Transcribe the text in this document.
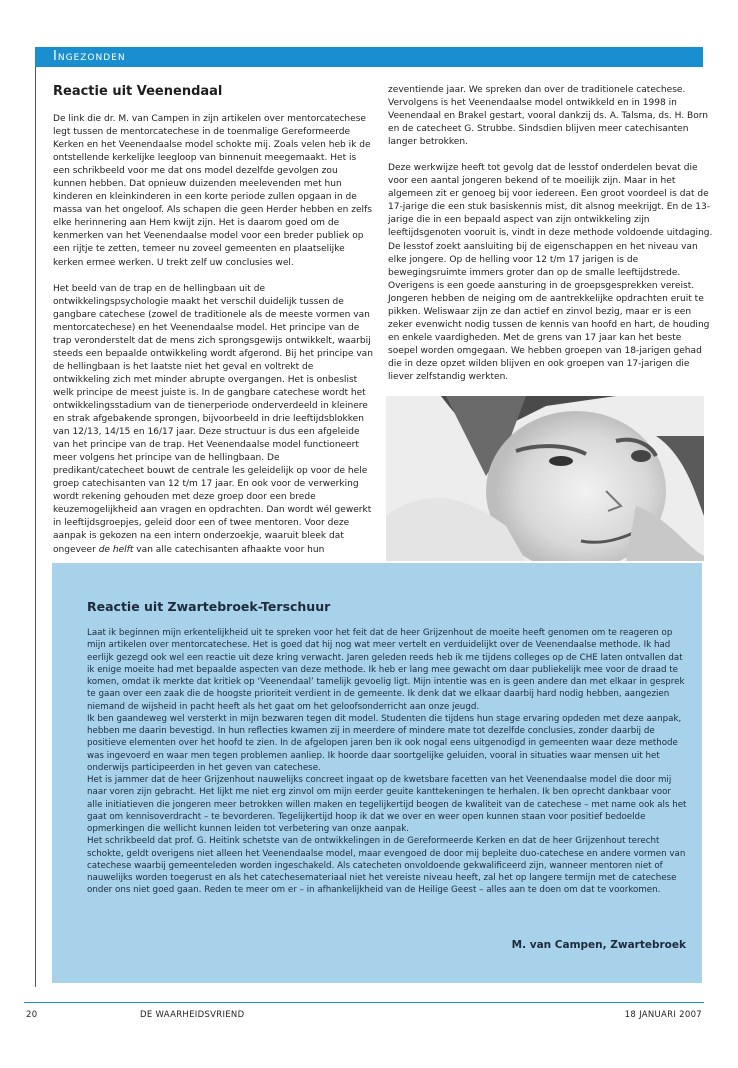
Ingezonden
Reactie uit Veenendaal

De link die dr. M. van Campen in zijn artikelen over mentorcatechese legt tussen de mentorcatechese in de toenmalige Gereformeerde Kerken en het Veenendaalse model schokte mij. Zoals velen heb ik de ontstellende kerkelijke leegloop van binnenuit meegemaakt. Het is een schrikbeeld voor me dat ons model dezelfde gevolgen zou kunnen hebben. Dat opnieuw duizenden meelevenden met hun kinderen en kleinkinderen in een korte periode zullen opgaan in de massa van het ongeloof. Als schapen die geen Herder hebben en zelfs elke herinnering aan Hem kwijt zijn. Het is daarom goed om de kenmerken van het Veenendaalse model voor een breder publiek op een rijtje te zetten, temeer nu zoveel gemeenten en plaatselijke kerken ermee werken. U trekt zelf uw conclusies wel.

Het beeld van de trap en de hellingbaan uit de ontwikkelingspsychologie maakt het verschil duidelijk tussen de gangbare catechese (zowel de traditionele als de meeste vormen van mentorcatechese) en het Veenendaalse model. Het principe van de trap veronderstelt dat de mens zich sprongsgewijs ontwikkelt, waarbij steeds een bepaalde ontwikkeling wordt afgerond. Bij het principe van de hellingbaan is het laatste niet het geval en voltrekt de ontwikkeling zich met minder abrupte overgangen. Het is onbeslist welk principe de meest juiste is. In de gangbare catechese wordt het ontwikkelingsstadium van de tienerperiode onderverdeeld in kleinere en strak afgebakende sprongen, bijvoorbeeld in drie leeftijdsblokken van 12/13, 14/15 en 16/17 jaar. Deze structuur is dus een afgeleide van het principe van de trap. Het Veenendaalse model functioneert meer volgens het principe van de hellingbaan. De predikant/catecheet bouwt de centrale les geleidelijk op voor de hele groep catechisanten van 12 t/m 17 jaar. En ook voor de verwerking wordt rekening gehouden met deze groep door een brede keuzemogelijkheid aan vragen en opdrachten. Dan wordt wél gewerkt in leeftijdsgroepjes, geleid door een of twee mentoren. Voor deze aanpak is gekozen na een intern onderzoekje, waaruit bleek dat ongeveer de helft van alle catechisanten afhaakte voor hun

zeventiende jaar. We spreken dan over de traditionele catechese. Vervolgens is het Veenendaalse model ontwikkeld en in 1998 in Veenendaal en Brakel gestart, vooral dankzij ds. A. Talsma, ds. H. Born en de catecheet G. Strubbe. Sindsdien blijven meer catechisanten langer betrokken.

Deze werkwijze heeft tot gevolg dat de lesstof onderdelen bevat die voor een aantal jongeren bekend of te moeilijk zijn. Maar in het algemeen zit er genoeg bij voor iedereen. Een groot voordeel is dat de 17-jarige die een stuk basiskennis mist, dit alsnog meekrijgt. En de 13-jarige die in een bepaald aspect van zijn ontwikkeling zijn leeftijdsgenoten vooruit is, vindt in deze methode voldoende uitdaging. De lesstof zoekt aansluiting bij de eigenschappen en het niveau van elke jongere. Op de helling voor 12 t/m 17 jarigen is de bewegingsruimte immers groter dan op de smalle leeftijdstrede. Overigens is een goede aansturing in de groepsgesprekken vereist. Jongeren hebben de neiging om de aantrekkelijke opdrachten eruit te pikken. Weliswaar zijn ze dan actief en zinvol bezig, maar er is een zeker evenwicht nodig tussen de kennis van hoofd en hart, de houding en enkele vaardigheden. Met de grens van 17 jaar kan het beste soepel worden omgegaan. We hebben groepen van 18-jarigen gehad die in deze opzet wilden blijven en ook groepen van 17-jarigen die liever zelfstandig werkten.

Reactie uit Zwartebroek-Terschuur

Laat ik beginnen mijn erkentelijkheid uit te spreken voor het feit dat de heer Grijzenhout de moeite heeft genomen om te reageren op mijn artikelen over mentorcatechese. Het is goed dat hij nog wat meer vertelt en verduidelijkt over de Veenendaalse methode. Ik had eerlijk gezegd ook wel een reactie uit deze kring verwacht. Jaren geleden reeds heb ik me tijdens colleges op de CHE laten ontvallen dat ik enige moeite had met bepaalde aspecten van deze methode. Ik heb er lang mee gewacht om daar publiekelijk mee voor de draad te komen, omdat ik merkte dat kritiek op ‘Veenendaal’ tamelijk gevoelig ligt. Mijn intentie was en is geen andere dan met elkaar in gesprek te gaan over een zaak die de hoogste prioriteit verdient in de gemeente. Ik denk dat we elkaar daarbij hard nodig hebben, aangezien niemand de wijsheid in pacht heeft als het gaat om het geloofsonderricht aan onze jeugd.

Ik ben gaandeweg wel versterkt in mijn bezwaren tegen dit model. Studenten die tijdens hun stage ervaring opdeden met deze aanpak, hebben me daarin bevestigd. In hun reflecties kwamen zij in meerdere of mindere mate tot dezelfde conclusies, zonder daarbij de positieve elementen over het hoofd te zien. In de afgelopen jaren ben ik ook nogal eens uitgenodigd in gemeenten waar deze methode was ingevoerd en waar men tegen problemen aanliep. Ik hoorde daar soortgelijke geluiden, vooral in situaties waar mensen uit het onderwijs participeerden in het geven van catechese.

Het is jammer dat de heer Grijzenhout nauwelijks concreet ingaat op de kwetsbare facetten van het Veenendaalse model die door mij naar voren zijn gebracht. Het lijkt me niet erg zinvol om mijn eerder geuite kanttekeningen te herhalen. Ik ben oprecht dankbaar voor alle initiatieven die jongeren meer betrokken willen maken en tegelijkertijd beogen de kwaliteit van de catechese – met name ook als het gaat om kennisoverdracht – te bevorderen. Tegelijkertijd hoop ik dat we over en weer open kunnen staan voor positief bedoelde opmerkingen die wellicht kunnen leiden tot verbetering van onze aanpak.

Het schrikbeeld dat prof. G. Heitink schetste van de ontwikkelingen in de Gereformeerde Kerken en dat de heer Grijzenhout terecht schokte, geldt overigens niet alleen het Veenendaalse model, maar evengoed de door mij bepleite duo-catechese en andere vormen van catechese waarbij gemeenteleden worden ingeschakeld. Als catecheten onvoldoende gekwalificeerd zijn, wanneer mentoren niet of nauwelijks worden toegerust en als het catechesemateriaal niet het vereiste niveau heeft, zal het op langere termijn met de catechese onder ons niet goed gaan. Reden te meer om er – in afhankelijkheid van de Heilige Geest – alles aan te doen om dat te voorkomen.

M. van Campen, Zwartebroek
20	DE WAARHEIDSVRIEND	18 JANUARI 2007
